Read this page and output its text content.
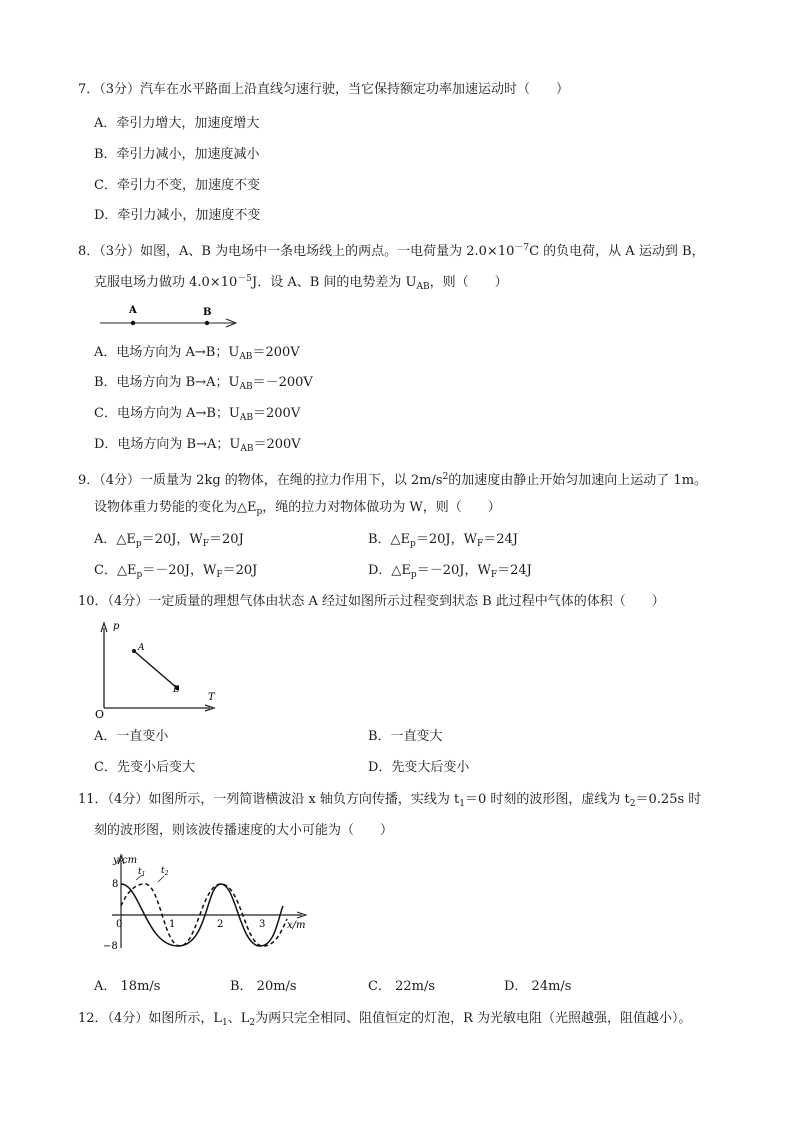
7．（3分）汽车在水平路面上沿直线匀速行驶，当它保持额定功率加速运动时（　　）
A．牵引力增大，加速度增大
B．牵引力减小，加速度减小
C．牵引力不变，加速度不变
D．牵引力减小，加速度不变
8．（3分）如图，A、B 为电场中一条电场线上的两点。一电荷量为 $2.0\times 10^{-7}C$ 的负电荷，从 A 运动到 B，
克服电场力做功 $4.0\times 10^{-5}J$．设 A、B 间的电势差为 $U_{AB}$，则（　　）
A	B
A．电场方向为 A→B；$U_{AB}=200V$
B．电场方向为 B→A；$U_{AB}=-200V$
C．电场方向为 A→B；$U_{AB}=200V$
D．电场方向为 B→A；$U_{AB}=200V$
9．（4分）一质量为 2kg 的物体，在绳的拉力作用下，以 $2m/s^2$的加速度由静止开始匀加速向上运动了 1m。
设物体重力势能的变化为$\triangle E_p$，绳的拉力对物体做功为 W，则（　　）
A．$\triangle E_p=20J$，$W_F=20J$	B．$\triangle E_p=20J$，$W_F=24J$
C．$\triangle E_p=-20J$，$W_F=20J$	D．$\triangle E_p=-20J$，$W_F=24J$
10．（4分）一定质量的理想气体由状态 A 经过如图所示过程变到状态 B 此过程中气体的体积（　　）
p
T
O
A
B
A．一直变小	B．一直变大
C．先变小后变大	D．先变大后变小
11．（4分）如图所示，一列简谐横波沿 x 轴负方向传播，实线为 $t_1=0$ 时刻的波形图，虚线为 $t_2=0.25s$ 时
刻的波形图，则该波传播速度的大小可能为（　　）
y/cm
x/m
$t_1$ $t_2$
8
−8
0	1	2	3
A． 18m/s	B． 20m/s	C． 22m/s	D． 24m/s
12．（4分）如图所示，$L_1$、$L_2$为两只完全相同、阻值恒定的灯泡，R 为光敏电阻（光照越强，阻值越小）。
